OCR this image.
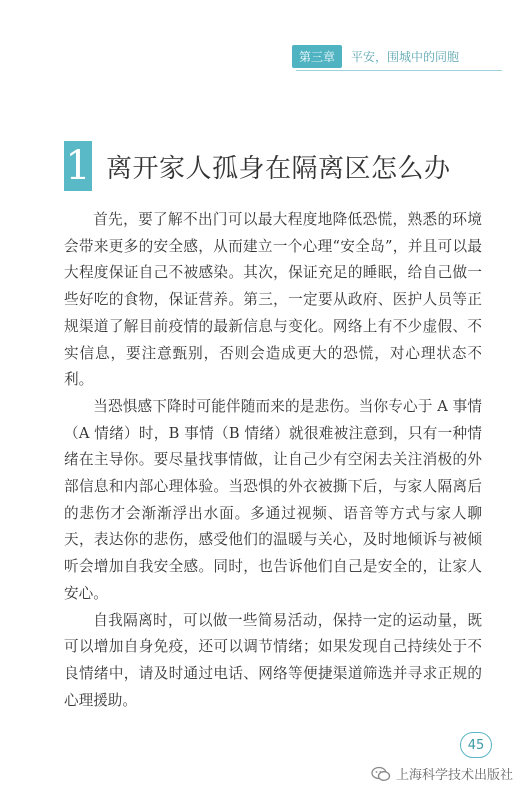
第三章	平安，围城中的同胞
1 离开家人孤身在隔离区怎么办

首先，要了解不出门可以最大程度地降低恐慌，熟悉的环境会带来更多的安全感，从而建立一个心理“安全岛”，并且可以最大程度保证自己不被感染。其次，保证充足的睡眠，给自己做一些好吃的食物，保证营养。第三，一定要从政府、医护人员等正规渠道了解目前疫情的最新信息与变化。网络上有不少虚假、不实信息，要注意甄别，否则会造成更大的恐慌，对心理状态不利。

当恐惧感下降时可能伴随而来的是悲伤。当你专心于 A 事情（A 情绪）时，B 事情（B 情绪）就很难被注意到，只有一种情绪在主导你。要尽量找事情做，让自己少有空闲去关注消极的外部信息和内部心理体验。当恐惧的外衣被撕下后，与家人隔离后的悲伤才会渐渐浮出水面。多通过视频、语音等方式与家人聊天，表达你的悲伤，感受他们的温暖与关心，及时地倾诉与被倾听会增加自我安全感。同时，也告诉他们自己是安全的，让家人安心。

自我隔离时，可以做一些简易活动，保持一定的运动量，既可以增加自身免疫，还可以调节情绪；如果发现自己持续处于不良情绪中，请及时通过电话、网络等便捷渠道筛选并寻求正规的心理援助。

45
上海科学技术出版社
